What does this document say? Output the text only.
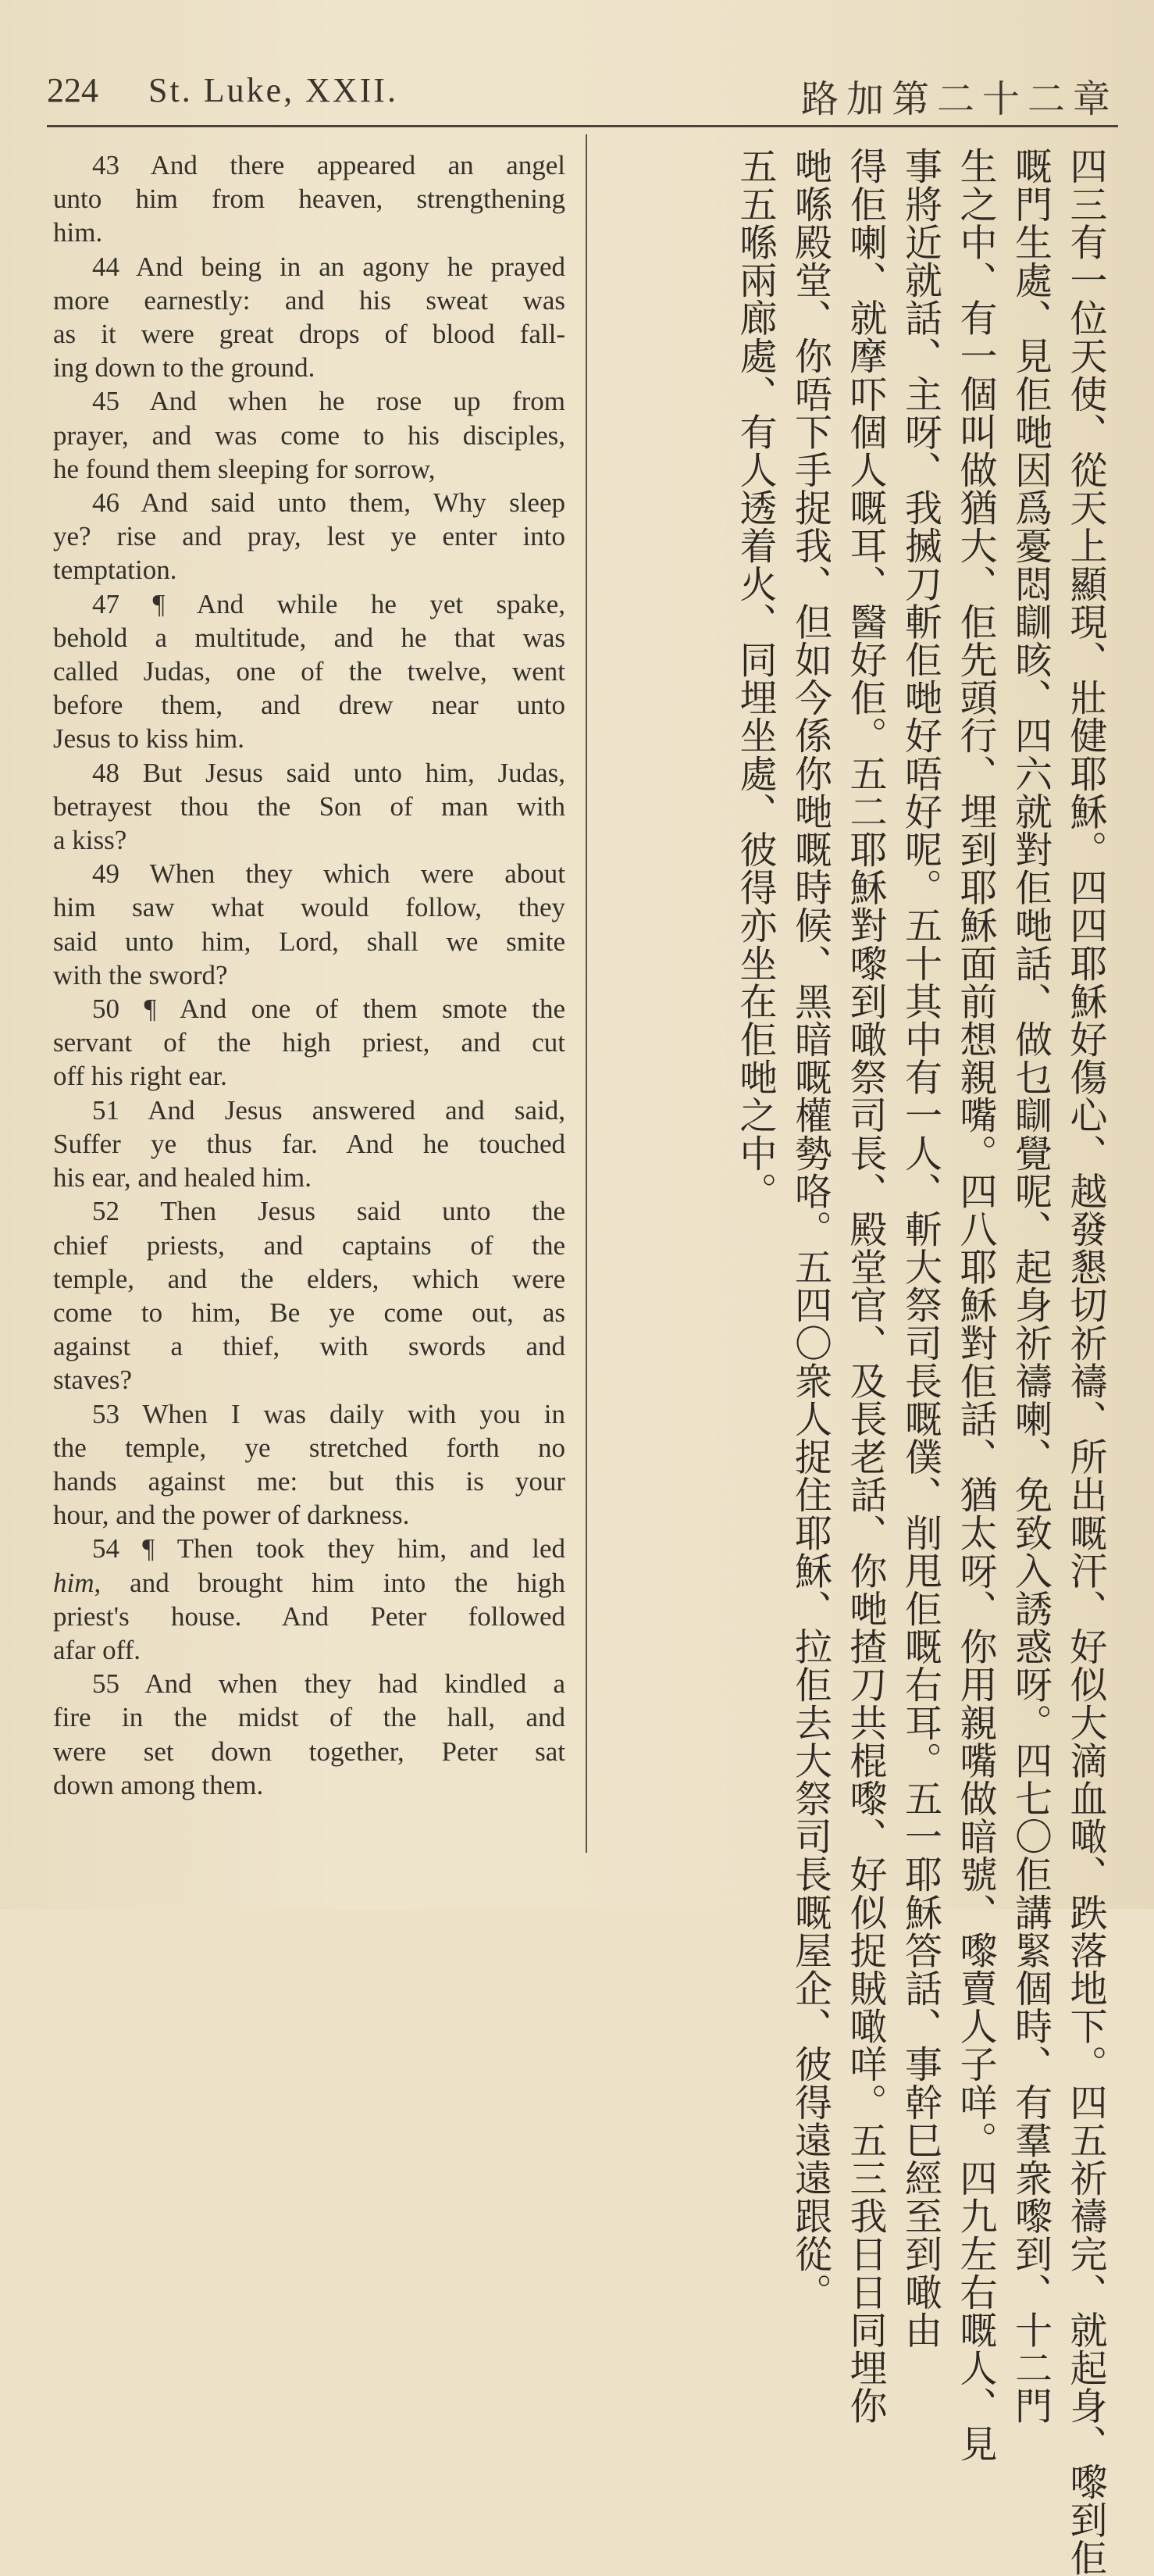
224 St. Luke, XXII.	路加第二十二章
43 And there appeared an angel
unto him from heaven, strengthening
him.
44 And being in an agony he prayed
more earnestly: and his sweat was
as it were great drops of blood fall-
ing down to the ground.
45 And when he rose up from
prayer, and was come to his disciples,
he found them sleeping for sorrow,
46 And said unto them, Why sleep
ye? rise and pray, lest ye enter into
temptation.
47 ¶ And while he yet spake,
behold a multitude, and he that was
called Judas, one of the twelve, went
before them, and drew near unto
Jesus to kiss him.
48 But Jesus said unto him, Judas,
betrayest thou the Son of man with
a kiss?
49 When they which were about
him saw what would follow, they
said unto him, Lord, shall we smite
with the sword?
50 ¶ And one of them smote the
servant of the high priest, and cut
off his right ear.
51 And Jesus answered and said,
Suffer ye thus far. And he touched
his ear, and healed him.
52 Then Jesus said unto the
chief priests, and captains of the
temple, and the elders, which were
come to him, Be ye come out, as
against a thief, with swords and
staves?
53 When I was daily with you in
the temple, ye stretched forth no
hands against me: but this is your
hour, and the power of darkness.
54 ¶ Then took they him, and led
him, and brought him into the high
priest's house. And Peter followed
afar off.
55 And when they had kindled a
fire in the midst of the hall, and
were set down together, Peter sat
down among them.	四三有一位天使、從天上顯現、壯健耶穌。四四耶穌好傷心、越發懇切祈禱、所出嘅汗、好似大滴血噉、跌落地下。四五祈禱完、就起身、嚟到佢
嘅門生處、見佢哋因爲憂悶瞓晐、四六就對佢哋話、做乜瞓覺呢、起身祈禱喇、免致入誘惑呀。四七〇佢講緊個時、有羣衆嚟到、十二門
生之中、有一個叫做猶大、佢先頭行、埋到耶穌面前想親嘴。四八耶穌對佢話、猶太呀、你用親嘴做暗號、嚟賣人子咩。四九左右嘅人、見
事將近就話、主呀、我搣刀斬佢哋好唔好呢。五十其中有一人、斬大祭司長嘅僕、削甩佢嘅右耳。五一耶穌答話、事幹巳經至到噉由
得佢喇、就摩吓個人嘅耳、醫好佢。五二耶穌對嚟到噉祭司長、殿堂官、及長老話、你哋揸刀共棍嚟、好似捉賊噉咩。五三我日日同埋你
哋喺殿堂、你唔下手捉我、但如今係你哋嘅時候、黑暗嘅權勢咯。五四〇衆人捉住耶穌、拉佢去大祭司長嘅屋企、彼得遠遠跟從。
五五喺兩廊處、有人透着火、同埋坐處、彼得亦坐在佢哋之中。
